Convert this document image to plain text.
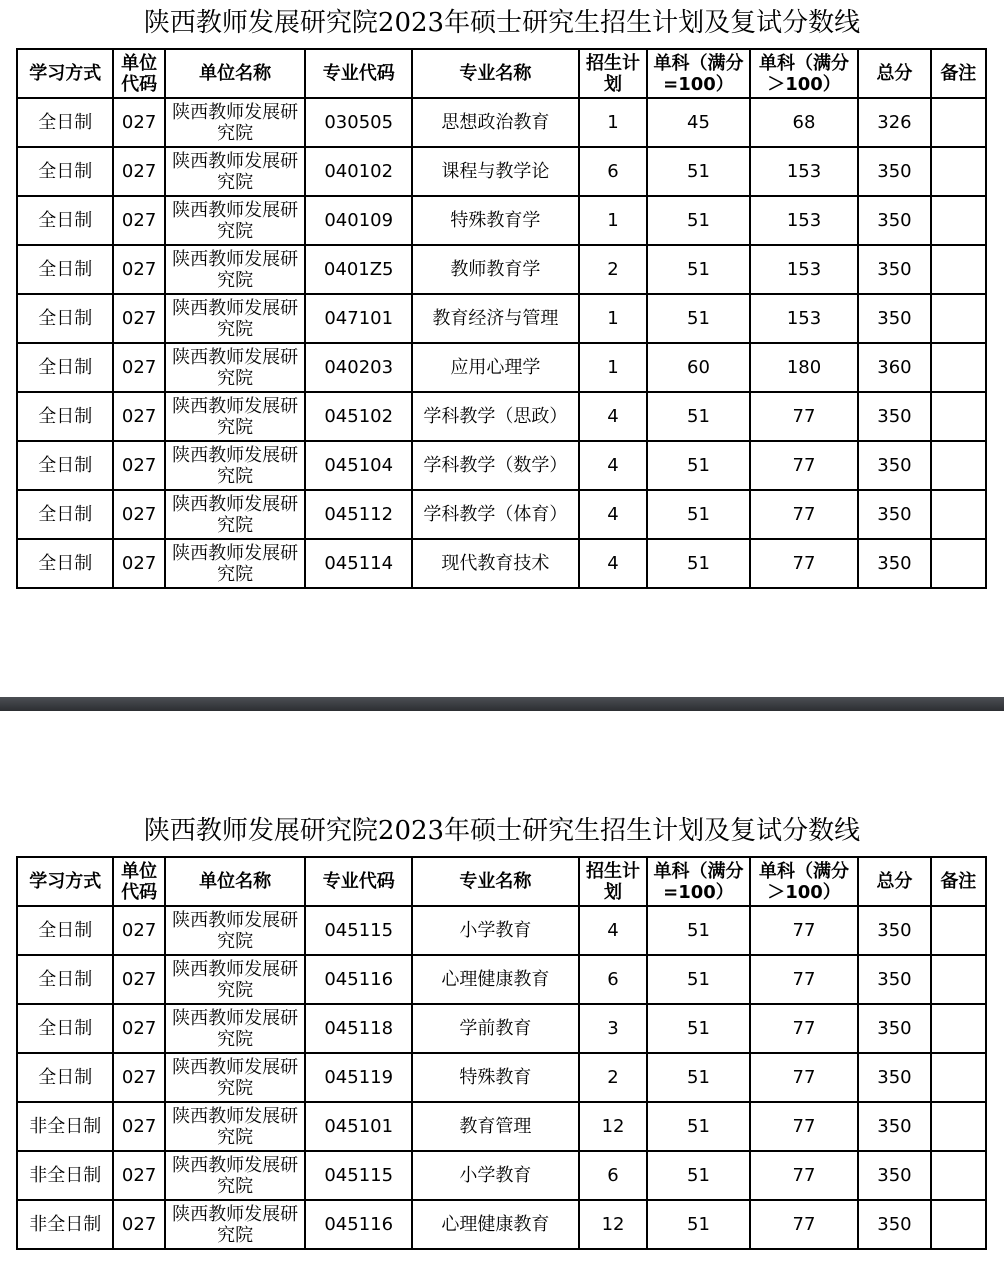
陕西教师发展研究院2023年硕士研究生招生计划及复试分数线
学习方式	单位代码	单位名称	专业代码	专业名称	招生计划	单科（满分=100）	单科（满分＞100）	总分	备注
全日制	027	陕西教师发展研究院	030505	思想政治教育	1	45	68	326	
全日制	027	陕西教师发展研究院	040102	课程与教学论	6	51	153	350	
全日制	027	陕西教师发展研究院	040109	特殊教育学	1	51	153	350	
全日制	027	陕西教师发展研究院	0401Z5	教师教育学	2	51	153	350	
全日制	027	陕西教师发展研究院	047101	教育经济与管理	1	51	153	350	
全日制	027	陕西教师发展研究院	040203	应用心理学	1	60	180	360	
全日制	027	陕西教师发展研究院	045102	学科教学（思政）	4	51	77	350	
全日制	027	陕西教师发展研究院	045104	学科教学（数学）	4	51	77	350	
全日制	027	陕西教师发展研究院	045112	学科教学（体育）	4	51	77	350	
全日制	027	陕西教师发展研究院	045114	现代教育技术	4	51	77	350	
陕西教师发展研究院2023年硕士研究生招生计划及复试分数线
学习方式	单位代码	单位名称	专业代码	专业名称	招生计划	单科（满分=100）	单科（满分＞100）	总分	备注
全日制	027	陕西教师发展研究院	045115	小学教育	4	51	77	350	
全日制	027	陕西教师发展研究院	045116	心理健康教育	6	51	77	350	
全日制	027	陕西教师发展研究院	045118	学前教育	3	51	77	350	
全日制	027	陕西教师发展研究院	045119	特殊教育	2	51	77	350	
非全日制	027	陕西教师发展研究院	045101	教育管理	12	51	77	350	
非全日制	027	陕西教师发展研究院	045115	小学教育	6	51	77	350	
非全日制	027	陕西教师发展研究院	045116	心理健康教育	12	51	77	350	
